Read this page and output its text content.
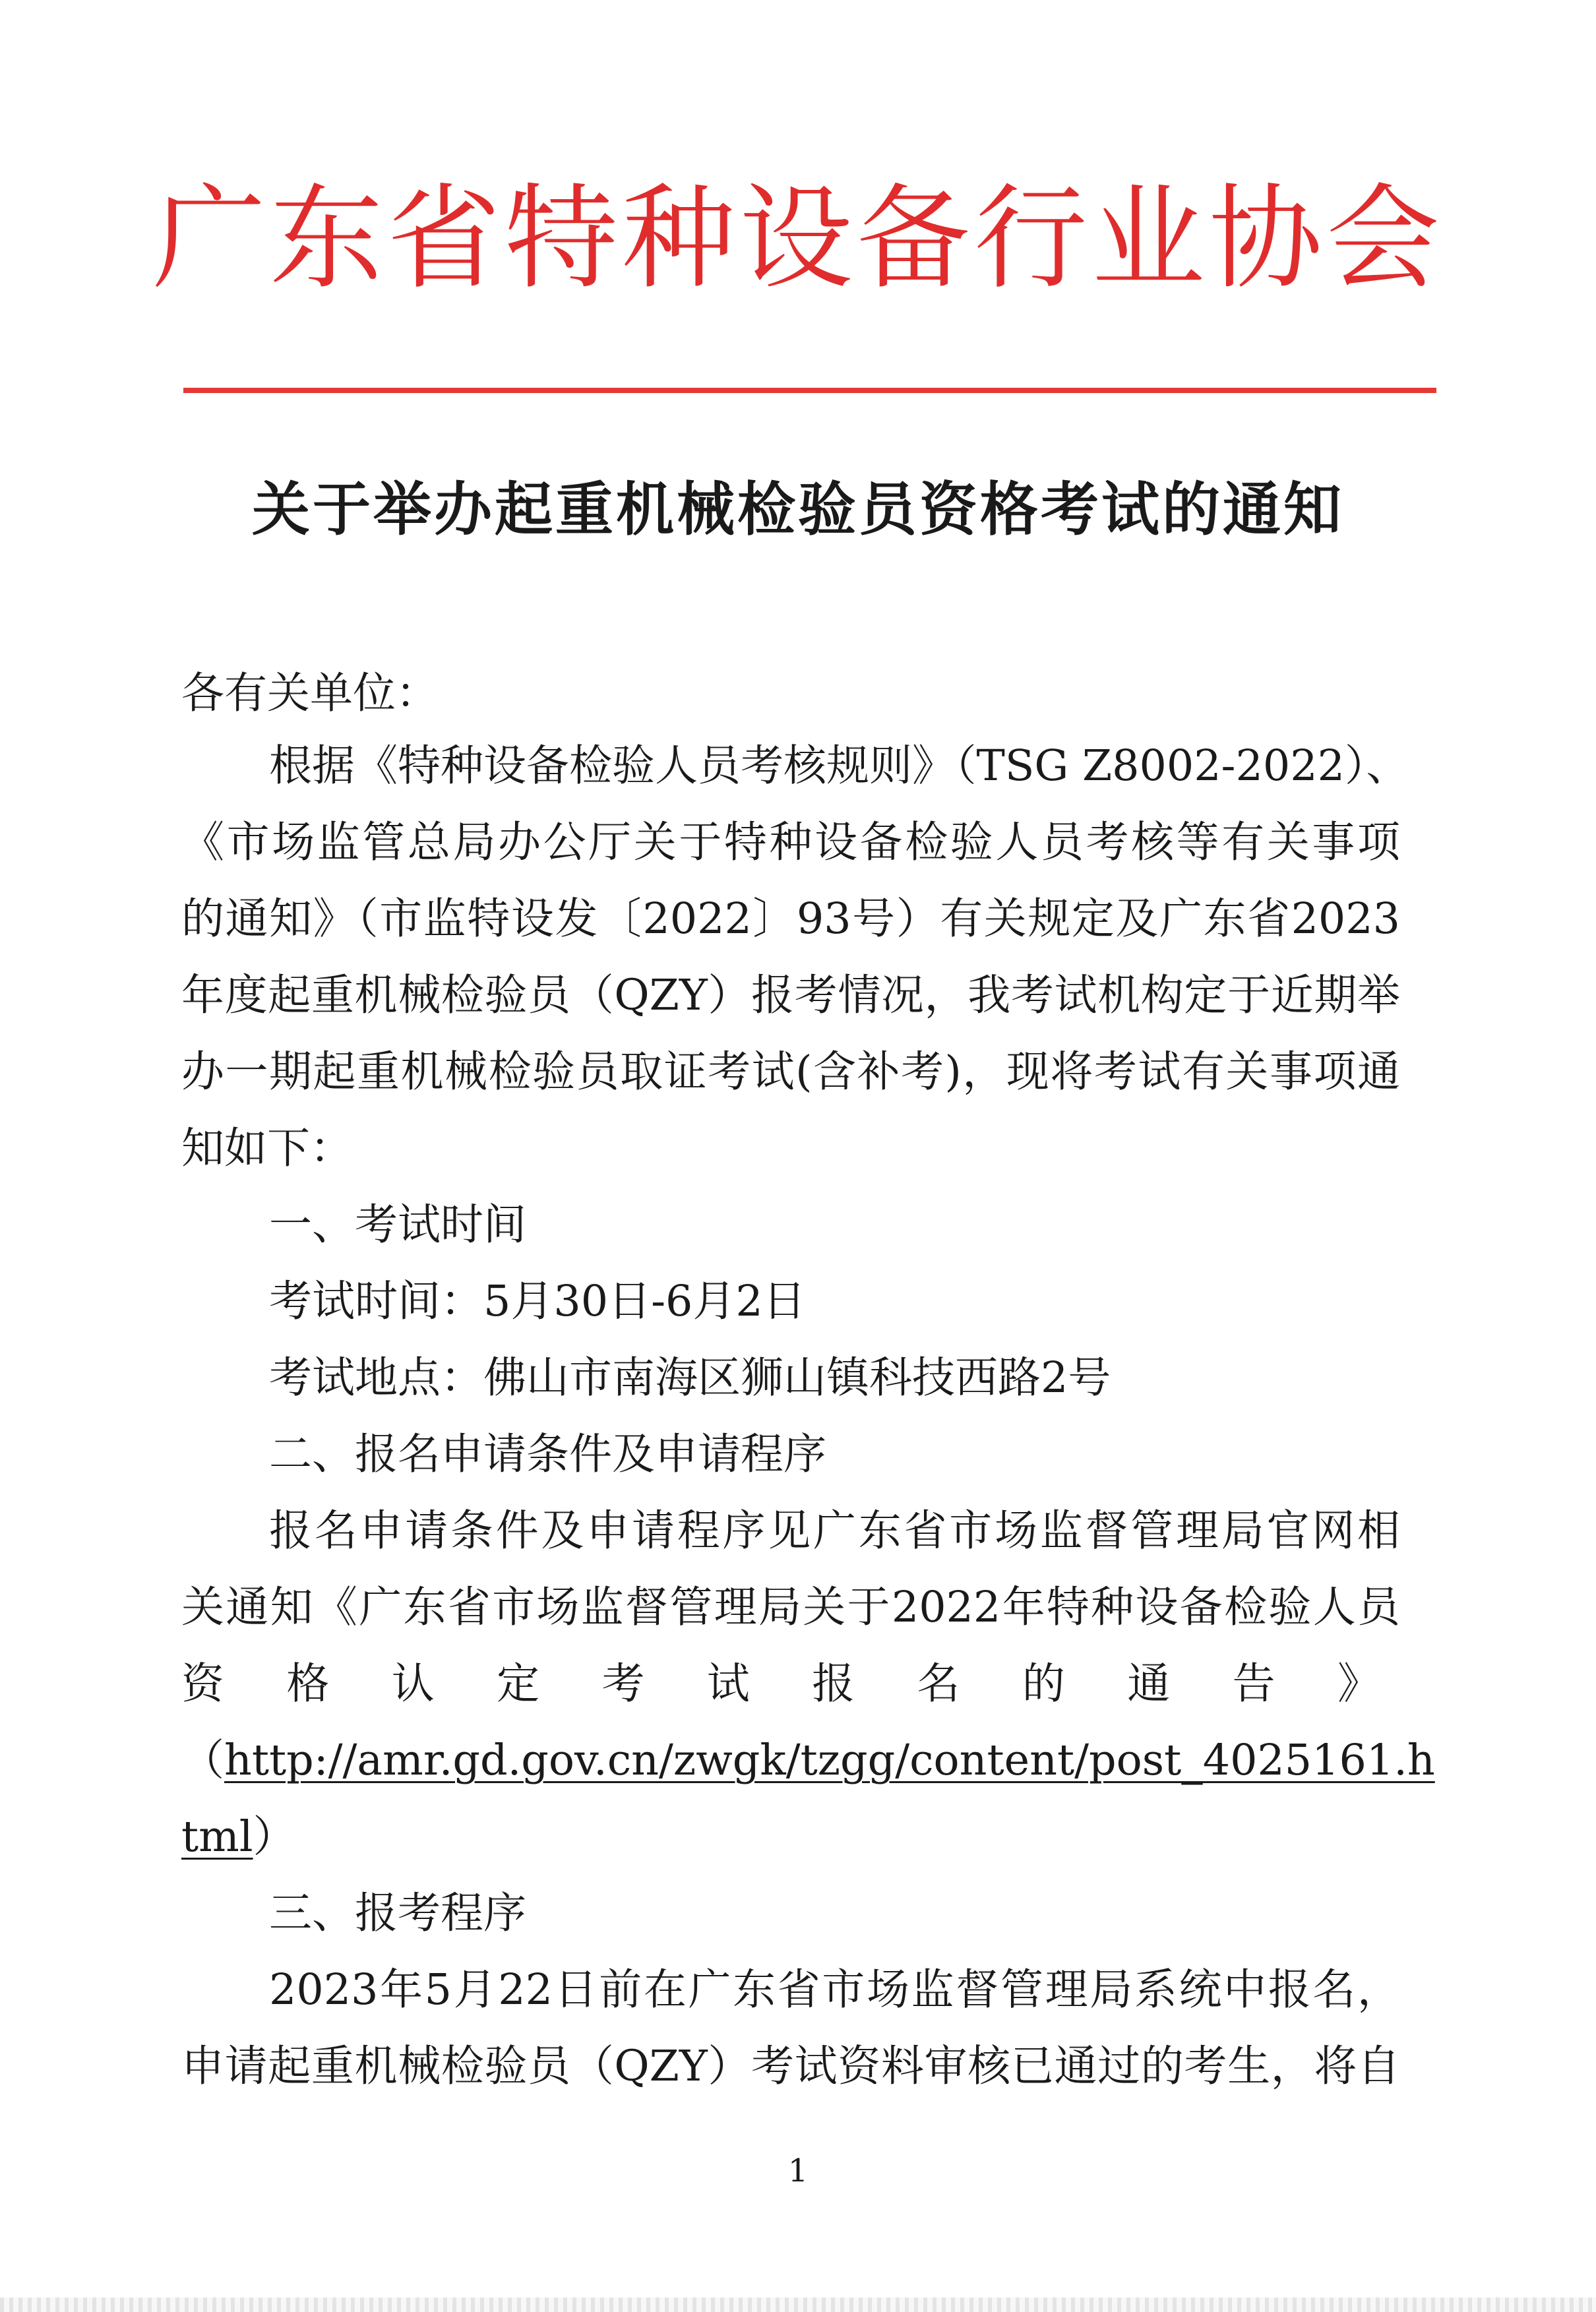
广东省特种设备行业协会
关于举办起重机械检验员资格考试的通知
各有关单位：
根据《特种设备检验人员考核规则》（TSG Z8002-2022）、
《市场监管总局办公厅关于特种设备检验人员考核等有关事项
的通知》（市监特设发〔2022〕93号）有关规定及广东省2023
年度起重机械检验员（QZY）报考情况，我考试机构定于近期举
办一期起重机械检验员取证考试(含补考)，现将考试有关事项通
知如下：
一、考试时间
考试时间：5月30日-6月2日
考试地点：佛山市南海区狮山镇科技西路2号
二、报名申请条件及申请程序
报名申请条件及申请程序见广东省市场监督管理局官网相
关通知《广东省市场监督管理局关于2022年特种设备检验人员
资格认定考试报名的通告》
（http://amr.gd.gov.cn/zwgk/tzgg/content/post_4025161.h
tml）
三、报考程序
2023年5月22日前在广东省市场监督管理局系统中报名，
申请起重机械检验员（QZY）考试资料审核已通过的考生，将自
1
